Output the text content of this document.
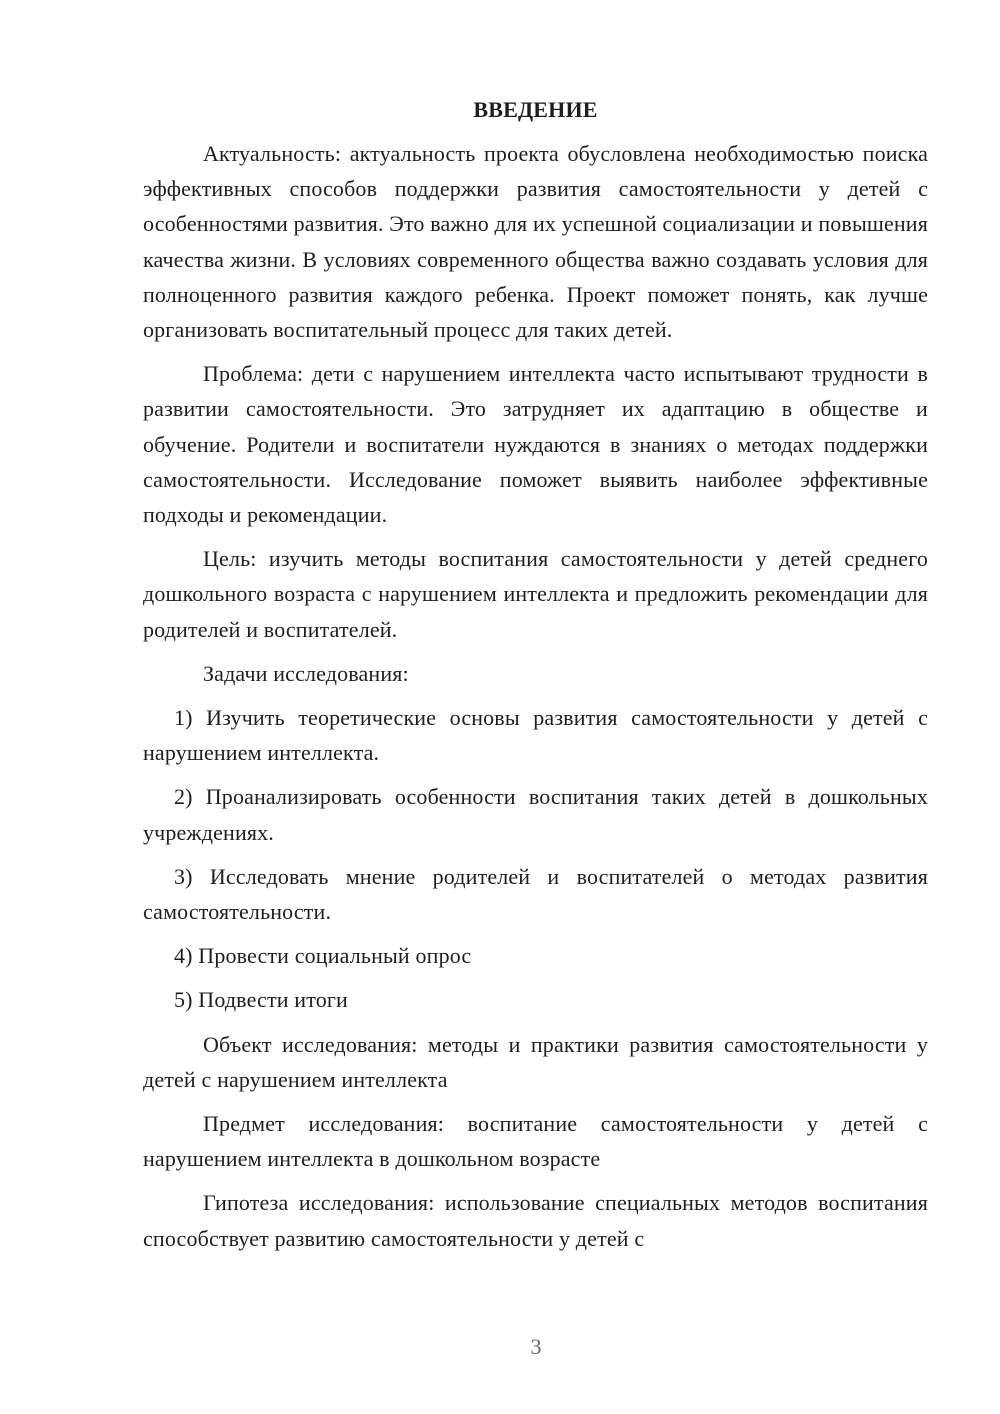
ВВЕДЕНИЕ

Актуальность: актуальность проекта обусловлена необходимостью поиска эффективных способов поддержки развития самостоятельности у детей с особенностями развития. Это важно для их успешной социализации и повышения качества жизни. В условиях современного общества важно создавать условия для полноценного развития каждого ребенка. Проект поможет понять, как лучше организовать воспитательный процесс для таких детей.

Проблема: дети с нарушением интеллекта часто испытывают трудности в развитии самостоятельности. Это затрудняет их адаптацию в обществе и обучение. Родители и воспитатели нуждаются в знаниях о методах поддержки самостоятельности. Исследование поможет выявить наиболее эффективные подходы и рекомендации.

Цель: изучить методы воспитания самостоятельности у детей среднего дошкольного возраста с нарушением интеллекта и предложить рекомендации для родителей и воспитателей.

Задачи исследования:

1) Изучить теоретические основы развития самостоятельности у детей с нарушением интеллекта.

2) Проанализировать особенности воспитания таких детей в дошкольных учреждениях.

3) Исследовать мнение родителей и воспитателей о методах развития самостоятельности.

4) Провести социальный опрос

5) Подвести итоги

Объект исследования: методы и практики развития самостоятельности у детей с нарушением интеллекта

Предмет исследования: воспитание самостоятельности у детей с нарушением интеллекта в дошкольном возрасте

Гипотеза исследования: использование специальных методов воспитания способствует развитию самостоятельности у детей с

3
